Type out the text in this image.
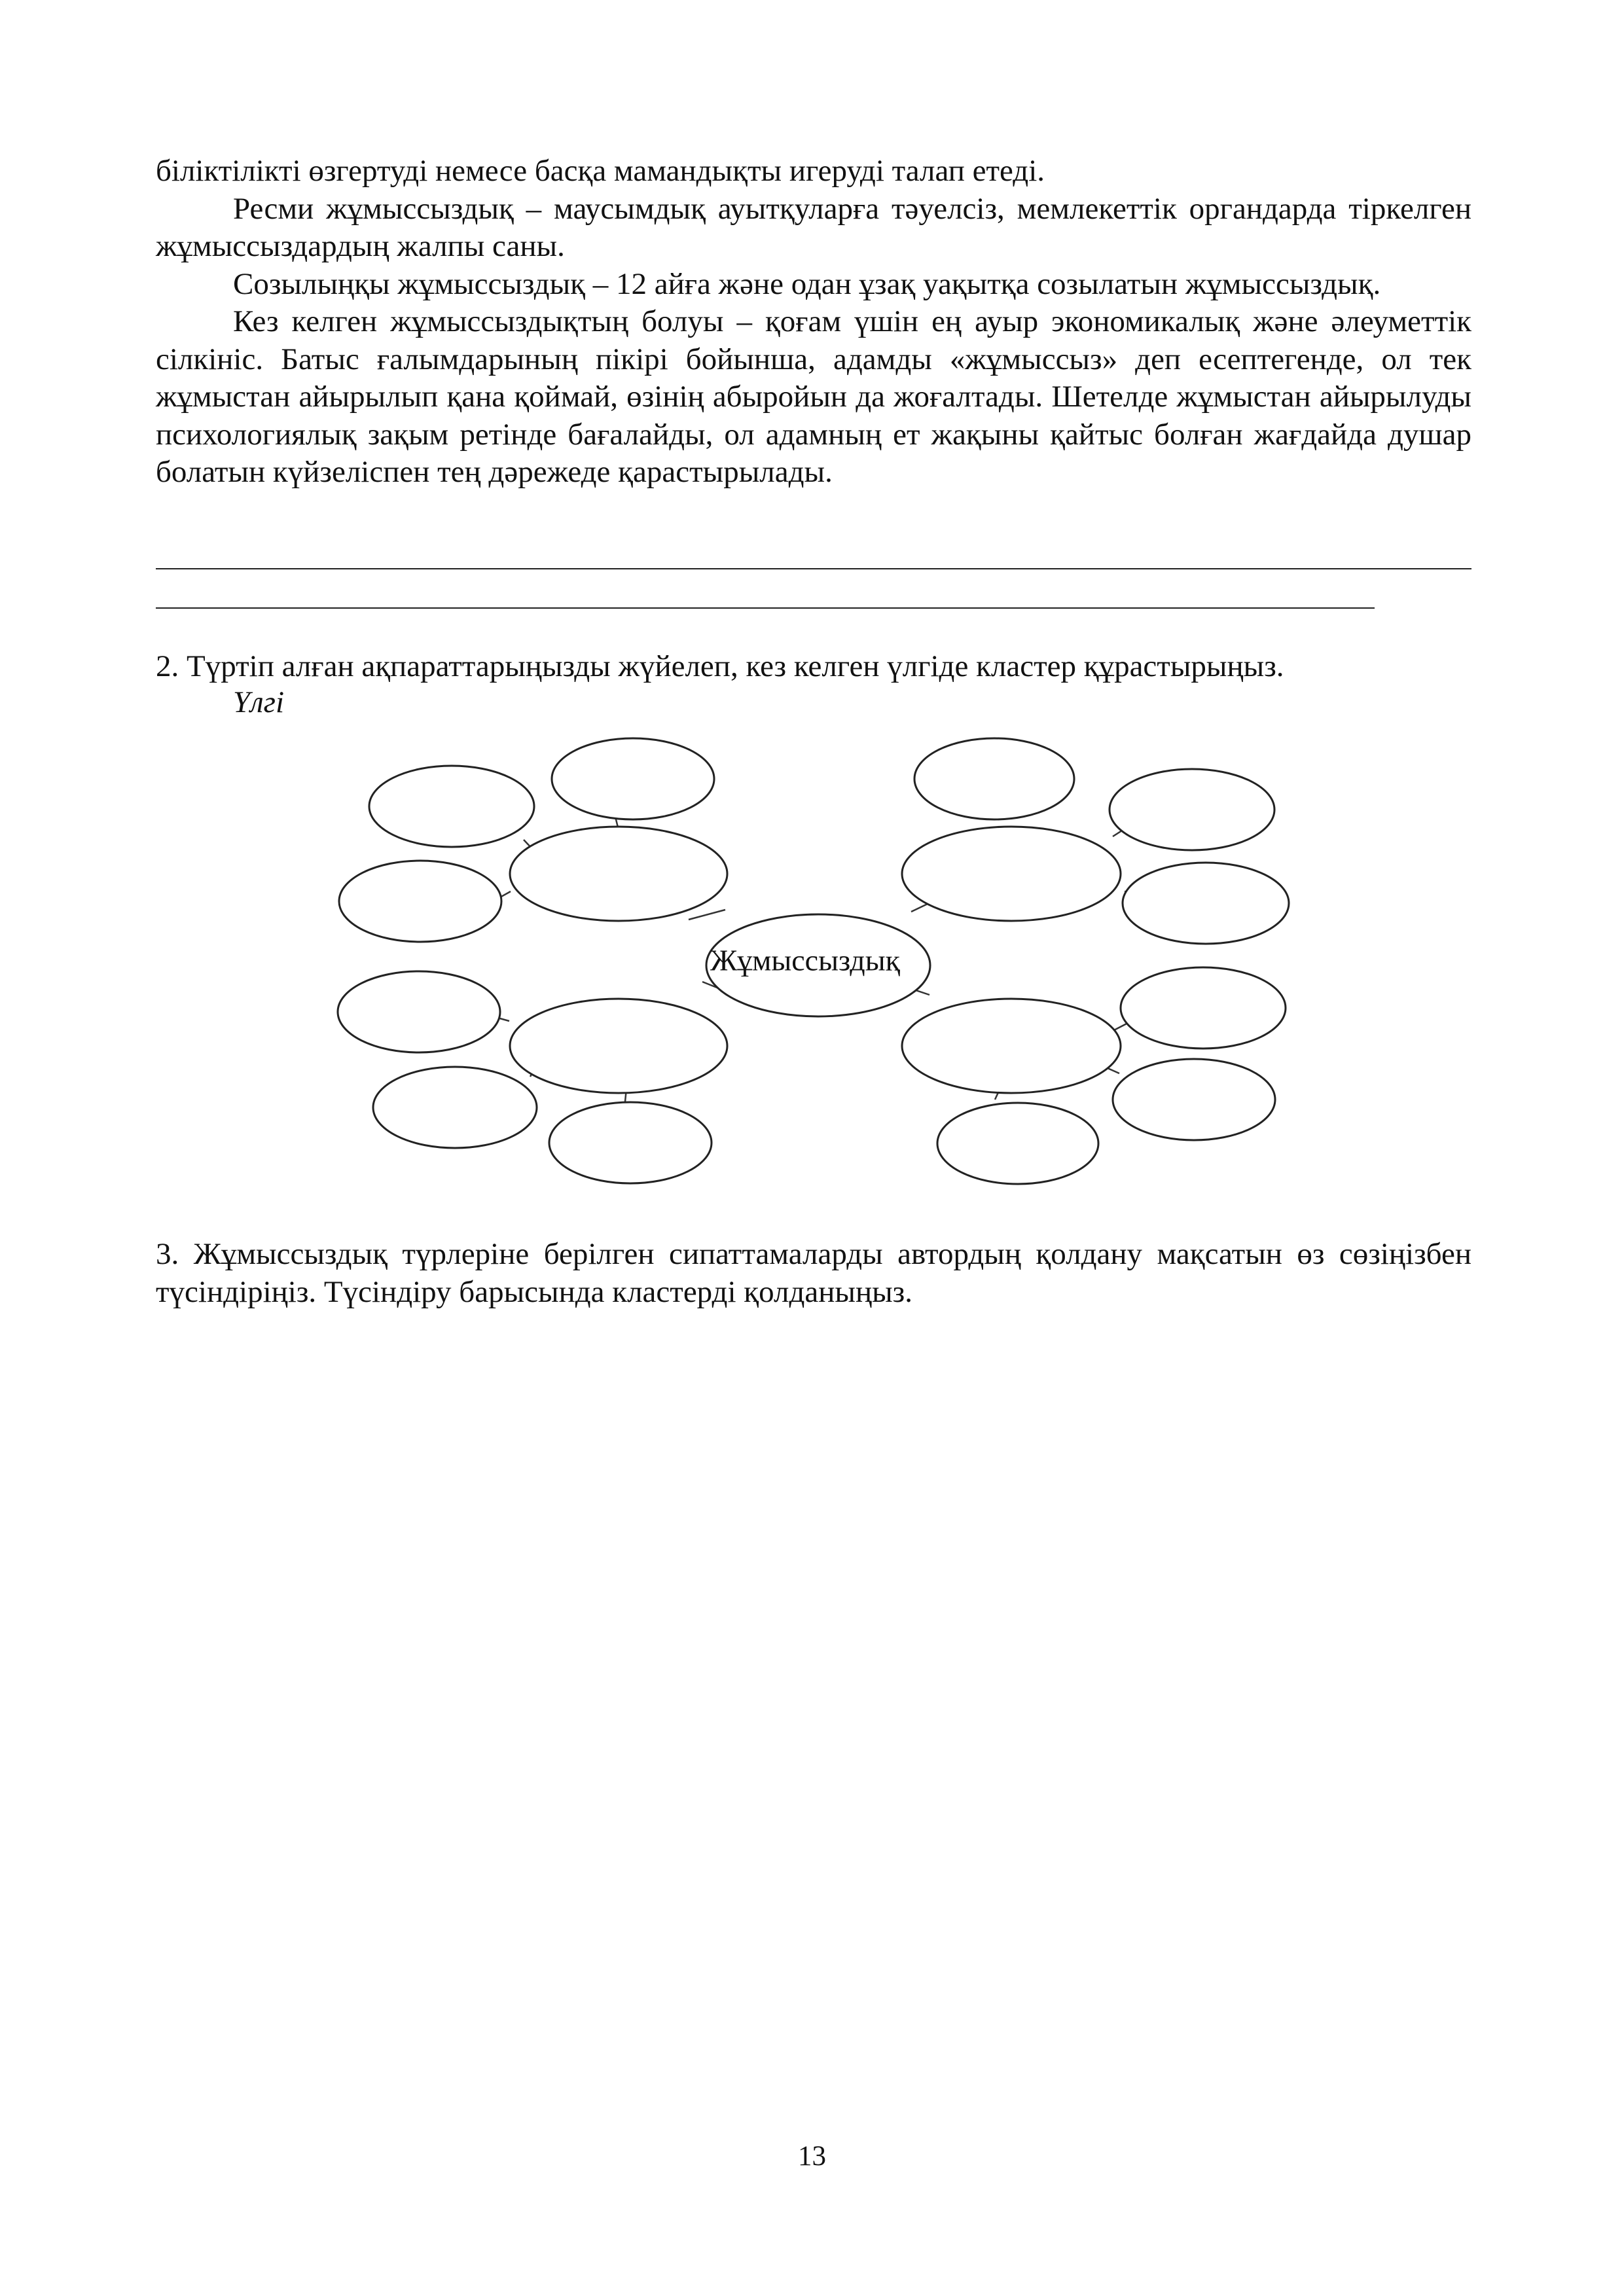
біліктілікті өзгертуді немесе басқа мамандықты игеруді талап етеді.

Ресми жұмыссыздық – маусымдық ауытқуларға тәуелсіз, мемлекеттік органдарда тіркелген жұмыссыздардың жалпы саны.

Созылыңқы жұмыссыздық – 12 айға және одан ұзақ уақытқа созылатын жұмыссыздық.

Кез келген жұмыссыздықтың болуы – қоғам үшін ең ауыр экономикалық және әлеуметтік сілкініс. Батыс ғалымдарының пікірі бойынша, адамды «жұмыссыз» деп есептегенде, ол тек жұмыстан айырылып қана қоймай, өзінің абыройын да жоғалтады. Шетелде жұмыстан айырылуды психологиялық зақым ретінде бағалайды, ол адамның ет жақыны қайтыс болған жағдайда душар болатын күйзеліспен тең дәрежеде қарастырылады.

2. Түртіп алған ақпараттарыңызды жүйелеп, кез келген үлгіде кластер құрастырыңыз.

Үлгі
Жұмыссыздық

3. Жұмыссыздық түрлеріне берілген сипаттамаларды автордың қолдану мақсатын өз сөзіңізбен түсіндіріңіз. Түсіндіру барысында кластерді қолданыңыз.

13
